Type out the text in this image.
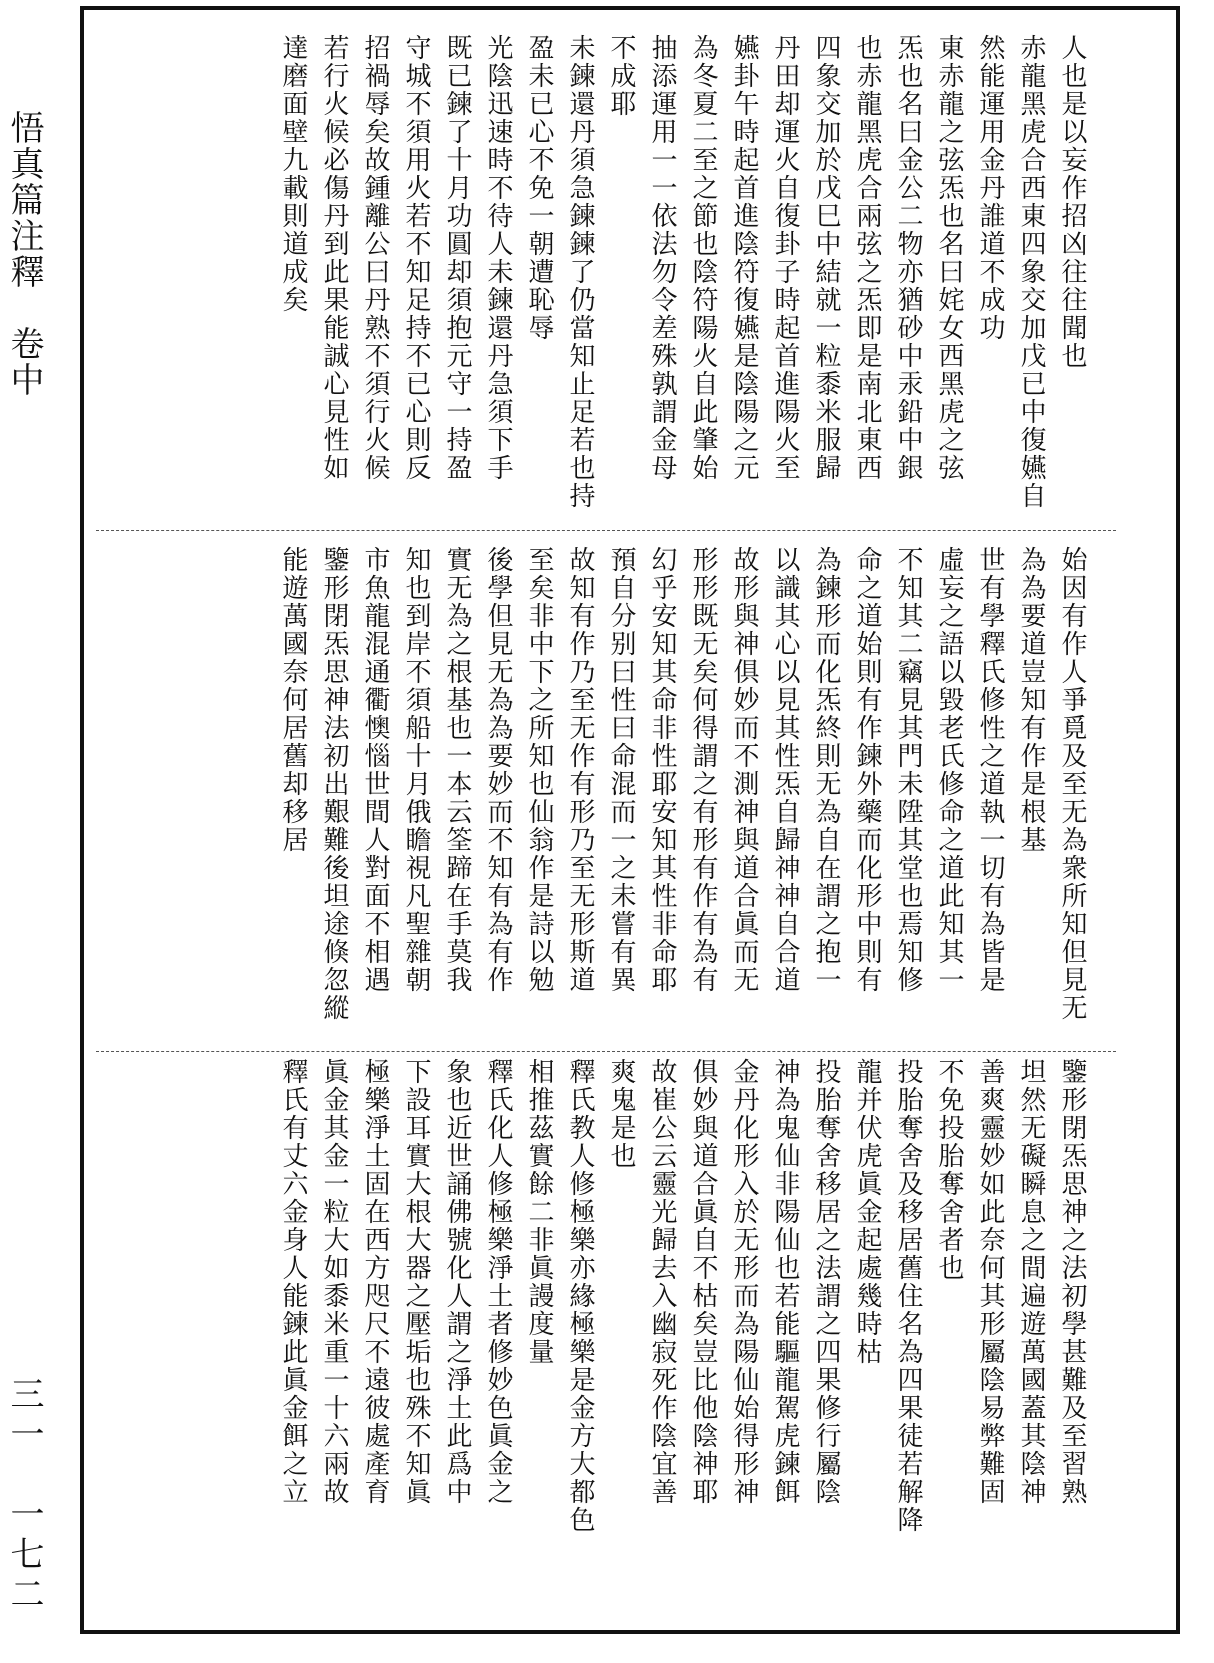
悟真篇注釋　卷中
三一　一七二

人也是以妄作招凶往往聞也

赤龍黑虎合西東四象交加戊已中復嬿自

然能運用金丹誰道不成功

東赤龍之弦炁也名曰姹女西黑虎之弦

炁也名曰金公二物亦猶砂中汞鉛中銀

也赤龍黑虎合兩弦之炁即是南北東西

四象交加於戊巳中結就一粒黍米服歸

丹田却運火自復卦子時起首進陽火至

嬿卦午時起首進陰符復嬿是陰陽之元

為冬夏二至之節也陰符陽火自此肇始

抽添運用一一依法勿令差殊孰謂金母

不成耶

未鍊還丹須急鍊鍊了仍當知止足若也持

盈未已心不免一朝遭恥辱

光陰迅速時不待人未鍊還丹急須下手

既已鍊了十月功圓却須抱元守一持盈

守城不須用火若不知足持不已心則反

招禍辱矣故鍾離公曰丹熟不須行火候

若行火候必傷丹到此果能誠心見性如

達磨面壁九載則道成矣

始因有作人爭覓及至无為衆所知但見无

為為要道豈知有作是根基

世有學釋氏修性之道執一切有為皆是

虛妄之語以毀老氏修命之道此知其一

不知其二竊見其門未陞其堂也焉知修

命之道始則有作鍊外藥而化形中則有

為鍊形而化炁終則无為自在謂之抱一

以識其心以見其性炁自歸神神自合道

故形與神俱妙而不測神與道合眞而无

形形既无矣何得謂之有形有作有為有

幻乎安知其命非性耶安知其性非命耶

預自分别曰性曰命混而一之未嘗有異

故知有作乃至无作有形乃至无形斯道

至矣非中下之所知也仙翁作是詩以勉

後學但見无為為要妙而不知有為有作

實无為之根基也一本云筌蹄在手莫我

知也到岸不須船十月俄瞻視凡聖雜朝

市魚龍混通衢懊惱世間人對面不相遇

鑒形閉炁思神法初出艱難後坦途倏忽縱

能遊萬國奈何居舊却移居

鑒形閉炁思神之法初學甚難及至習熟

坦然无礙瞬息之間遍遊萬國蓋其陰神

善爽靈妙如此奈何其形屬陰易弊難固

不免投胎奪舍者也

投胎奪舍及移居舊住名為四果徒若解降

龍并伏虎眞金起處幾時枯

投胎奪舍移居之法謂之四果修行屬陰

神為鬼仙非陽仙也若能驅龍駕虎鍊餌

金丹化形入於无形而為陽仙始得形神

俱妙與道合眞自不枯矣豈比他陰神耶

故崔公云靈光歸去入幽寂死作陰宜善

爽鬼是也

釋氏教人修極樂亦緣極樂是金方大都色

相推茲實餘二非眞謾度量

釋氏化人修極樂淨土者修妙色眞金之

象也近世誦佛號化人謂之淨土此爲中

下設耳實大根大器之壓垢也殊不知眞

極樂淨土固在西方咫尺不遠彼處產育

眞金其金一粒大如黍米重一十六兩故

釋氏有丈六金身人能鍊此眞金餌之立
